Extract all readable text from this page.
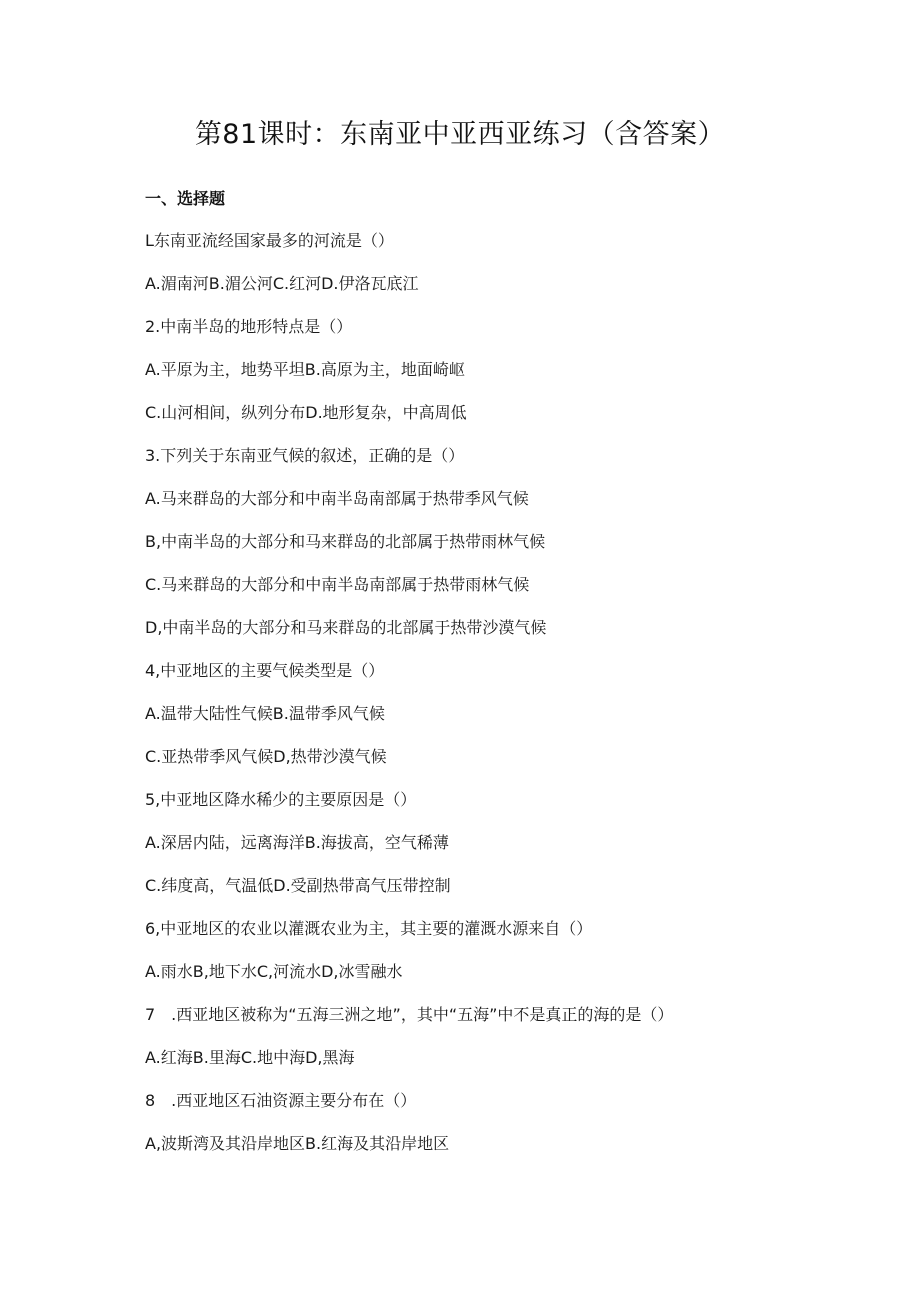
第81课时：东南亚中亚西亚练习（含答案）
一、选择题
L东南亚流经国家最多的河流是（）
A.湄南河B.湄公河C.红河D.伊洛瓦底江
2.中南半岛的地形特点是（）
A.平原为主，地势平坦B.高原为主，地面崎岖
C.山河相间，纵列分布D.地形复杂，中高周低
3.下列关于东南亚气候的叙述，正确的是（）
A.马来群岛的大部分和中南半岛南部属于热带季风气候
B,中南半岛的大部分和马来群岛的北部属于热带雨林气候
C.马来群岛的大部分和中南半岛南部属于热带雨林气候
D,中南半岛的大部分和马来群岛的北部属于热带沙漠气候
4,中亚地区的主要气候类型是（）
A.温带大陆性气候B.温带季风气候
C.亚热带季风气候D,热带沙漠气候
5,中亚地区降水稀少的主要原因是（）
A.深居内陆，远离海洋B.海拔高，空气稀薄
C.纬度高，气温低D.受副热带高气压带控制
6,中亚地区的农业以灌溉农业为主，其主要的灌溉水源来自（）
A.雨水B,地下水C,河流水D,冰雪融水
7　.西亚地区被称为“五海三洲之地”，其中“五海”中不是真正的海的是（）
A.红海B.里海C.地中海D,黑海
8　.西亚地区石油资源主要分布在（）
A,波斯湾及其沿岸地区B.红海及其沿岸地区
